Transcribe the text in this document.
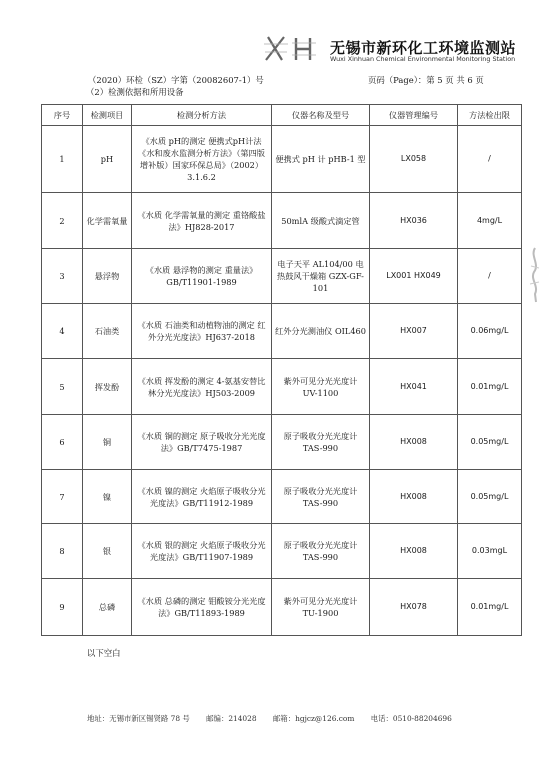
无锡市新环化工环境监测站
Wuxi Xinhuan Chemical Environmental Monitoring Station
（2020）环检（SZ）字第（20082607-1）号	页码（Page）：第 5 页 共 6 页
（2）检测依据和所用设备
序号	检测项目	检测分析方法	仪器名称及型号	仪器管理编号	方法检出限
1	pH	《水质 pH的测定 便携式pH计法《水和废水监测分析方法》（第四版增补版）国家环保总局》（2002）3.1.6.2	便携式 pH 计 pHB-1 型	LX058	/
2	化学需氧量	《水质 化学需氧量的测定 重铬酸盐法》HJ828-2017	50mlA 级酸式滴定管	HX036	4mg/L
3	悬浮物	《水质 悬浮物的测定 重量法》GB/T11901-1989	电子天平 AL104/00 电热鼓风干燥箱 GZX-GF-101	LX001 HX049	/
4	石油类	《水质 石油类和动植物油的测定 红外分光光度法》HJ637-2018	红外分光测油仪 OIL460	HX007	0.06mg/L
5	挥发酚	《水质 挥发酚的测定 4-氨基安替比林分光光度法》HJ503-2009	紫外可见分光光度计 UV-1100	HX041	0.01mg/L
6	铜	《水质 铜的测定 原子吸收分光光度法》GB/T7475-1987	原子吸收分光光度计 TAS-990	HX008	0.05mg/L
7	镍	《水质 镍的测定 火焰原子吸收分光光度法》GB/T11912-1989	原子吸收分光光度计 TAS-990	HX008	0.05mg/L
8	银	《水质 银的测定 火焰原子吸收分光光度法》GB/T11907-1989	原子吸收分光光度计 TAS-990	HX008	0.03mgL
9	总磷	《水质 总磷的测定 钼酸铵分光光度法》GB/T11893-1989	紫外可见分光光度计 TU-1900	HX078	0.01mg/L
以下空白
地址：无锡市新区锡贤路 78 号 邮编：214028 邮箱：hgjcz@126.com 电话：0510-88204696
